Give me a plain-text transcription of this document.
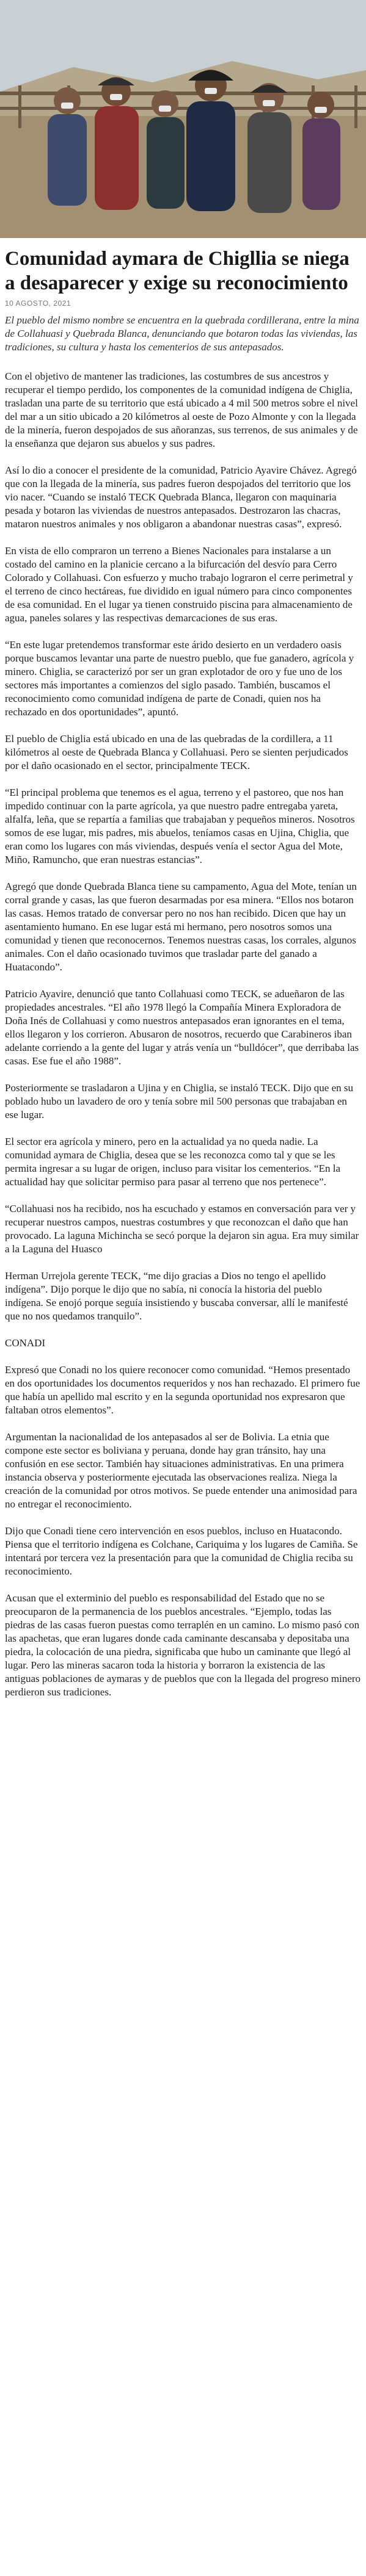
Comunidad aymara de Chigllia se niega a desaparecer y exige su reconocimiento
10 AGOSTO, 2021

El pueblo del mismo nombre se encuentra en la quebrada cordillerana, entre la mina de Collahuasi y Quebrada Blanca, denunciando que botaron todas las viviendas, las tradiciones, su cultura y hasta los cementerios de sus antepasados.

Con el objetivo de mantener las tradiciones, las costumbres de sus ancestros y recuperar el tiempo perdido, los componentes de la comunidad indígena de Chiglia, trasladan una parte de su territorio que está ubicado a 4 mil 500 metros sobre el nivel del mar a un sitio ubicado a 20 kilómetros al oeste de Pozo Almonte y con la llegada de la minería, fueron despojados de sus añoranzas, sus terrenos, de sus animales y de la enseñanza que dejaron sus abuelos y sus padres.

Así lo dio a conocer el presidente de la comunidad, Patricio Ayavire Chávez. Agregó que con la llegada de la minería, sus padres fueron despojados del territorio que los vio nacer. “Cuando se instaló TECK Quebrada Blanca, llegaron con maquinaria pesada y botaron las viviendas de nuestros antepasados. Destrozaron las chacras, mataron nuestros animales y nos obligaron a abandonar nuestras casas”, expresó.

En vista de ello compraron un terreno a Bienes Nacionales para instalarse a un costado del camino en la planicie cercano a la bifurcación del desvío para Cerro Colorado y Collahuasi. Con esfuerzo y mucho trabajo lograron el cerre perimetral y el terreno de cinco hectáreas, fue dividido en igual número para cinco componentes de esa comunidad. En el lugar ya tienen construido piscina para almacenamiento de agua, paneles solares y las respectivas demarcaciones de sus eras.

“En este lugar pretendemos transformar este árido desierto en un verdadero oasis porque buscamos levantar una parte de nuestro pueblo, que fue ganadero, agrícola y minero. Chiglia, se caracterizó por ser un gran explotador de oro y fue uno de los sectores más importantes a comienzos del siglo pasado. También, buscamos el reconocimiento como comunidad indígena de parte de Conadi, quien nos ha rechazado en dos oportunidades”, apuntó.

El pueblo de Chiglia está ubicado en una de las quebradas de la cordillera, a 11 kilómetros al oeste de Quebrada Blanca y Collahuasi. Pero se sienten perjudicados por el daño ocasionado en el sector, principalmente TECK.

“El principal problema que tenemos es el agua, terreno y el pastoreo, que nos han impedido continuar con la parte agrícola, ya que nuestro padre entregaba yareta, alfalfa, leña, que se repartía a familias que trabajaban y pequeños mineros. Nosotros somos de ese lugar, mis padres, mis abuelos, teníamos casas en Ujina, Chiglia, que eran como los lugares con más viviendas, después venía el sector Agua del Mote, Miño, Ramuncho, que eran nuestras estancias”.

Agregó que donde Quebrada Blanca tiene su campamento, Agua del Mote, tenían un corral grande y casas, las que fueron desarmadas por esa minera. “Ellos nos botaron las casas. Hemos tratado de conversar pero no nos han recibido. Dicen que hay un asentamiento humano. En ese lugar está mi hermano, pero nosotros somos una comunidad y tienen que reconocernos. Tenemos nuestras casas, los corrales, algunos animales. Con el daño ocasionado tuvimos que trasladar parte del ganado a Huatacondo”.

Patricio Ayavire, denunció que tanto Collahuasi como TECK, se adueñaron de las propiedades ancestrales. “El año 1978 llegó la Compañía Minera Exploradora de Doña Inés de Collahuasi y como nuestros antepasados eran ignorantes en el tema, ellos llegaron y los corrieron. Abusaron de nosotros, recuerdo que Carabineros iban adelante corriendo a la gente del lugar y atrás venía un “bulldócer”, que derribaba las casas. Ese fue el año 1988”.

Posteriormente se trasladaron a Ujina y en Chiglia, se instaló TECK. Dijo que en su poblado hubo un lavadero de oro y tenía sobre mil 500 personas que trabajaban en ese lugar.

El sector era agrícola y minero, pero en la actualidad ya no queda nadie. La comunidad aymara de Chiglia, desea que se les reconozca como tal y que se les permita ingresar a su lugar de origen, incluso para visitar los cementerios. “En la actualidad hay que solicitar permiso para pasar al terreno que nos pertenece”.

“Collahuasi nos ha recibido, nos ha escuchado y estamos en conversación para ver y recuperar nuestros campos, nuestras costumbres y que reconozcan el daño que han provocado. La laguna Michincha se secó porque la dejaron sin agua. Era muy similar a la Laguna del Huasco

Herman Urrejola gerente TECK, “me dijo gracias a Dios no tengo el apellido indígena”. Dijo porque le dijo que no sabía, ni conocía la historia del pueblo indígena. Se enojó porque seguía insistiendo y buscaba conversar, allí le manifesté que no nos quedamos tranquilo”.

CONADI

Expresó que Conadi no los quiere reconocer como comunidad. “Hemos presentado en dos oportunidades los documentos requeridos y nos han rechazado. El primero fue que había un apellido mal escrito y en la segunda oportunidad nos expresaron que faltaban otros elementos”.

Argumentan la nacionalidad de los antepasados al ser de Bolivia. La etnia que compone este sector es boliviana y peruana, donde hay gran tránsito, hay una confusión en ese sector. También hay situaciones administrativas. En una primera instancia observa y posteriormente ejecutada las observaciones realiza. Niega la creación de la comunidad por otros motivos. Se puede entender una animosidad para no entregar el reconocimiento.

Dijo que Conadi tiene cero intervención en esos pueblos, incluso en Huatacondo. Piensa que el territorio indígena es Colchane, Cariquima y los lugares de Camiña. Se intentará por tercera vez la presentación para que la comunidad de Chiglia reciba su reconocimiento.

Acusan que el exterminio del pueblo es responsabilidad del Estado que no se preocuparon de la permanencia de los pueblos ancestrales. “Ejemplo, todas las piedras de las casas fueron puestas como terraplén en un camino. Lo mismo pasó con las apachetas, que eran lugares donde cada caminante descansaba y depositaba una piedra, la colocación de una piedra, significaba que hubo un caminante que llegó al lugar. Pero las mineras sacaron toda la historia y borraron la existencia de las antiguas poblaciones de aymaras y de pueblos que con la llegada del progreso minero perdieron sus tradiciones.
